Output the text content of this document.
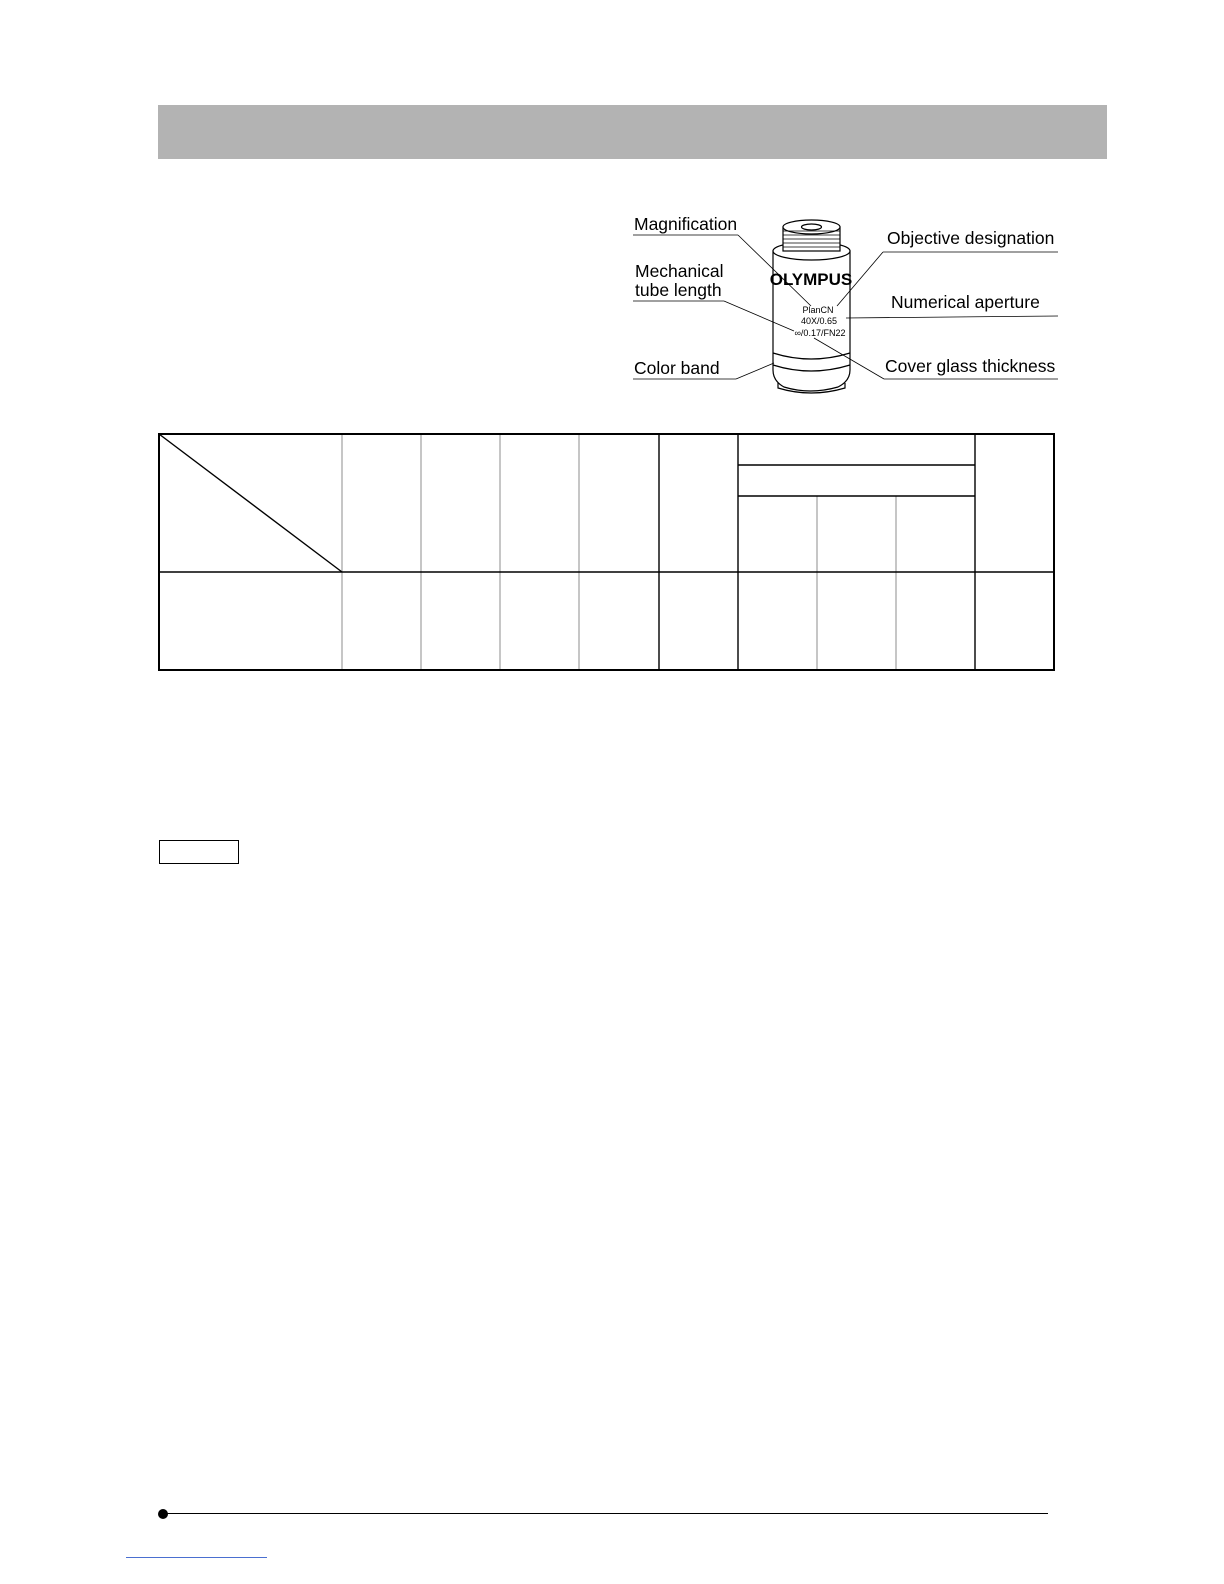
OLYMPUS
PlanCN
40X/0.65
∞/0.17/FN22
Magnification
Mechanical
tube length
Color band
Objective designation
Numerical aperture
Cover glass thickness
